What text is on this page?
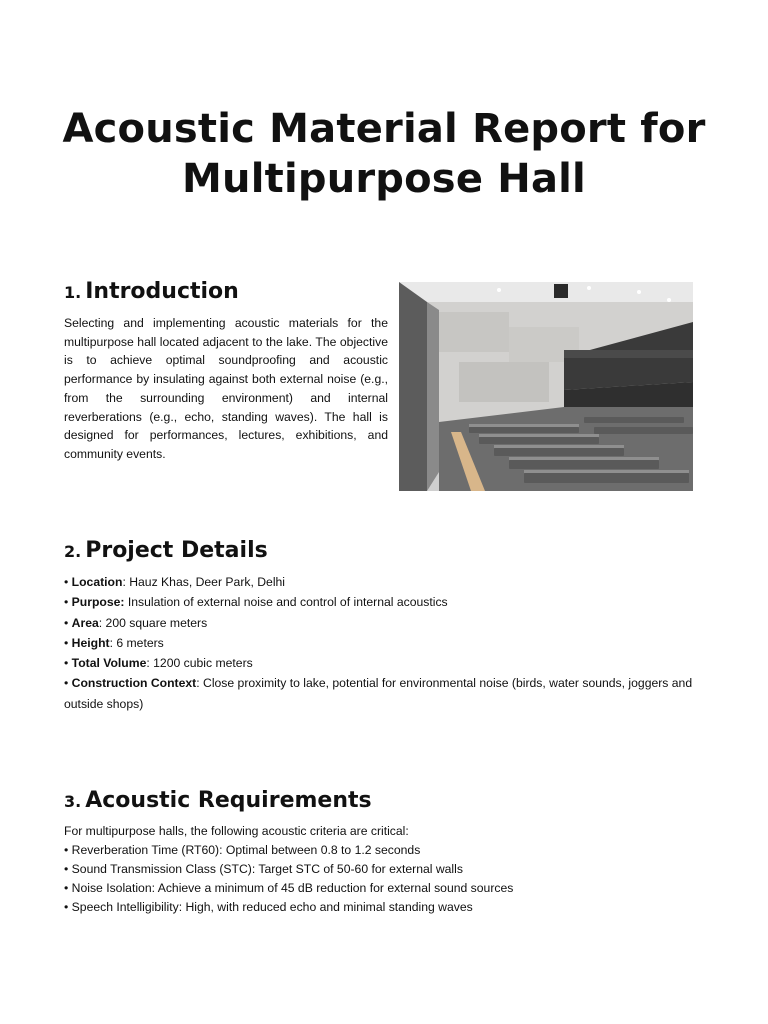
Acoustic Material Report for
Multipurpose Hall
1. Introduction

Selecting and implementing acoustic materials for the multipurpose hall located adjacent to the lake. The objective is to achieve optimal soundproofing and acoustic performance by insulating against both external noise (e.g., from the surrounding environment) and internal reverberations (e.g., echo, standing waves). The hall is designed for performances, lectures, exhibitions, and community events.

2. Project Details
• Location: Hauz Khas, Deer Park, Delhi
• Purpose: Insulation of external noise and control of internal acoustics
• Area: 200 square meters
• Height: 6 meters
• Total Volume: 1200 cubic meters
• Construction Context: Close proximity to lake, potential for environmental noise (birds, water sounds, joggers and outside shops)
3. Acoustic Requirements
For multipurpose halls, the following acoustic criteria are critical:
• Reverberation Time (RT60): Optimal between 0.8 to 1.2 seconds
• Sound Transmission Class (STC): Target STC of 50-60 for external walls
• Noise Isolation: Achieve a minimum of 45 dB reduction for external sound sources
• Speech Intelligibility: High, with reduced echo and minimal standing waves
